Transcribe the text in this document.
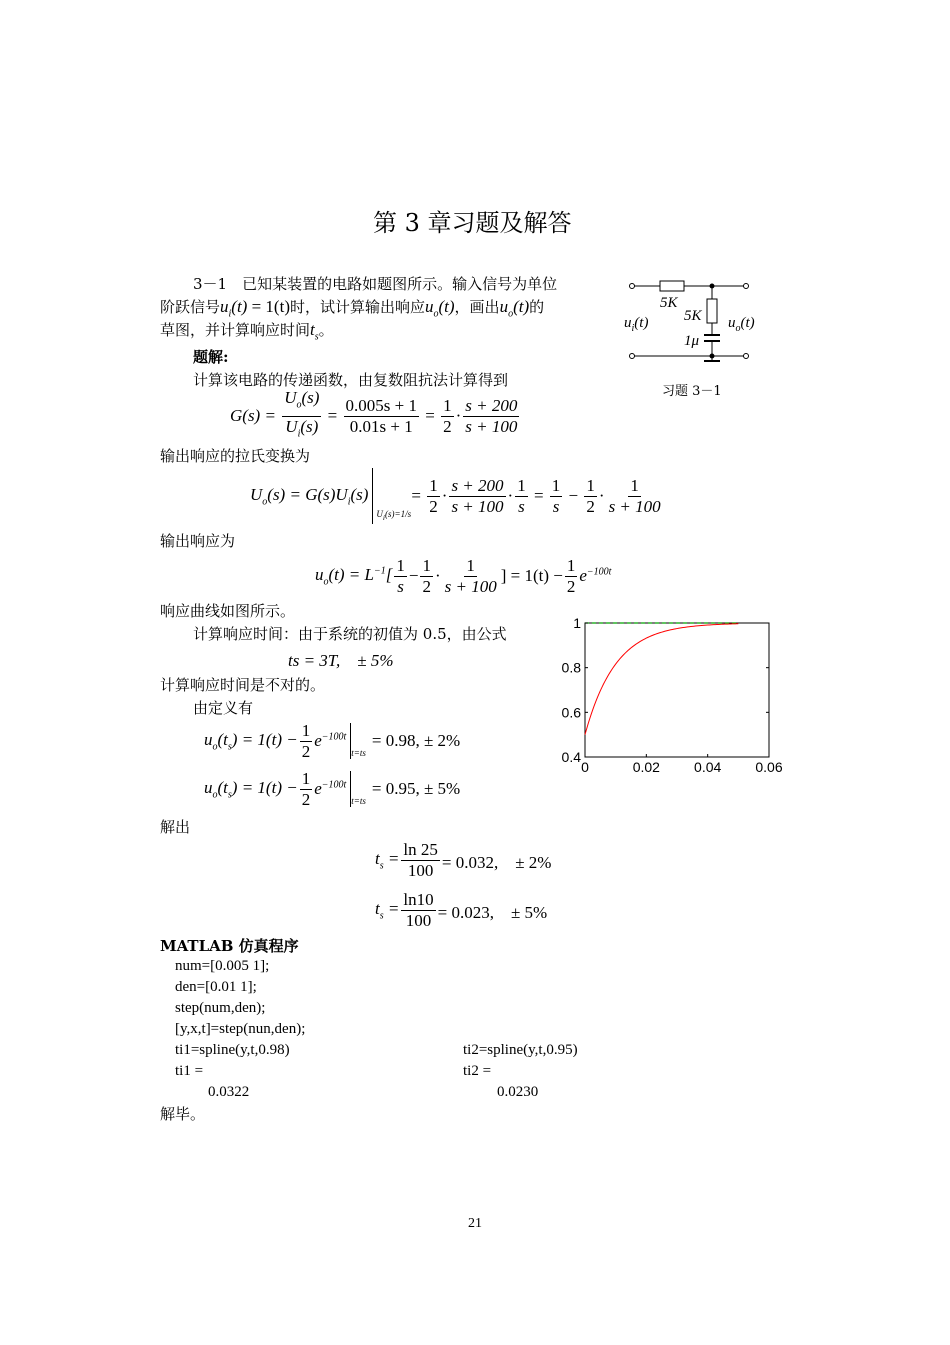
第 3 章习题及解答
3－1　已知某装置的电路如题图所示。输入信号为单位
阶跃信号$u_i(t) = 1(t)$时，试计算输出响应$u_o(t)$，画出$u_o(t)$的
草图，并计算响应时间$t_s$。
5K
5K
$u_i(t)$	$u_o(t)$
1μ
习题 3－1
题解:
计算该电路的传递函数，由复数阻抗法计算得到
$G(s) = \frac{U_o(s)}{U_i(s)} = \frac{0.005s + 1}{0.01s + 1} = \frac{1}{2} \cdot \frac{s + 200}{s + 100}$
输出响应的拉氏变换为
$U_o(s) = G(s)U_i(s)$
$U_i(s)=1/s$
= $\frac{1}{2} \cdot \frac{s + 200}{s + 100} \cdot \frac{1}{s} = \frac{1}{s} - \frac{1}{2} \cdot \frac{1}{s + 100}$
输出响应为
$u_o(t) = L^{-1}[ \frac{1}{s} - \frac{1}{2} \cdot \frac{1}{s + 100}$ ] = $1(t) - \frac{1}{2} e^{-100t}$
响应曲线如图所示。
计算响应时间：由于系统的初值为 0.5，由公式
ts = 3T,　± 5%
计算响应时间是不对的。
由定义有
$u_o(t_s) = 1(t) - \frac{1}{2} e^{-100t}$
t=ts
= 0.98, ± 2%
$u_o(t_s) = 1(t) - \frac{1}{2} e^{-100t}$
t=ts
= 0.95, ± 5%
解出
$t_s = \frac{\ln 25}{100} = 0.032$,　± 2%
$t_s = \frac{\ln 10}{100} = 0.023$,　± 5%
0	0.02 0.04 0.06
0.4
0.6
0.8
1
MATLAB 仿真程序
num=[0.005 1];
den=[0.01 1];
step(num,den);
[y,x,t]=step(nun,den);
ti1=spline(y,t,0.98)
ti1 =
0.0322
ti2=spline(y,t,0.95)
ti2 =
0.0230
解毕。
21
